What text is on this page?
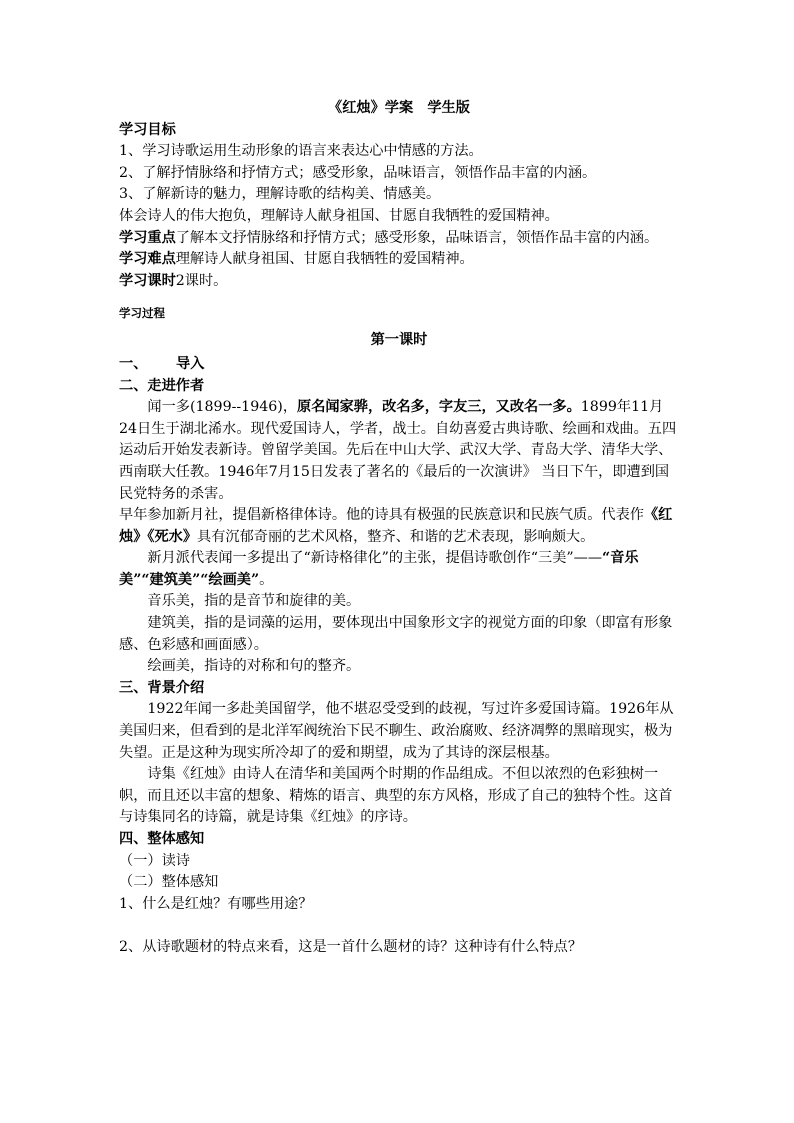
《红烛》学案　学生版

学习目标

1、学习诗歌运用生动形象的语言来表达心中情感的方法。

2、了解抒情脉络和抒情方式；感受形象，品味语言，领悟作品丰富的内涵。

3、了解新诗的魅力，理解诗歌的结构美、情感美。

体会诗人的伟大抱负，理解诗人献身祖国、甘愿自我牺牲的爱国精神。

学习重点了解本文抒情脉络和抒情方式；感受形象，品味语言，领悟作品丰富的内涵。

学习难点理解诗人献身祖国、甘愿自我牺牲的爱国精神。

学习课时2课时。

学习过程

第一课时

一、	导入

二、走进作者

闻一多(1899--1946)，原名闻家骅，改名多，字友三，又改名一多。1899年11月24日生于湖北浠水。现代爱国诗人，学者，战士。自幼喜爱古典诗歌、绘画和戏曲。五四运动后开始发表新诗。曾留学美国。先后在中山大学、武汉大学、青岛大学、清华大学、西南联大任教。1946年7月15日发表了著名的《最后的一次演讲》 当日下午，即遭到国民党特务的杀害。

早年参加新月社，提倡新格律体诗。他的诗具有极强的民族意识和民族气质。代表作《红烛》《死水》具有沉郁奇丽的艺术风格，整齐、和谐的艺术表现，影响颇大。

新月派代表闻一多提出了“新诗格律化”的主张，提倡诗歌创作“三美”——“音乐美”“建筑美”“绘画美”。

音乐美，指的是音节和旋律的美。

建筑美，指的是词藻的运用，要体现出中国象形文字的视觉方面的印象（即富有形象感、色彩感和画面感）。

绘画美，指诗的对称和句的整齐。

三、背景介绍

1922年闻一多赴美国留学，他不堪忍受受到的歧视，写过许多爱国诗篇。1926年从美国归来，但看到的是北洋军阀统治下民不聊生、政治腐败、经济凋弊的黑暗现实，极为失望。正是这种为现实所冷却了的爱和期望，成为了其诗的深层根基。

诗集《红烛》由诗人在清华和美国两个时期的作品组成。不但以浓烈的色彩独树一帜，而且还以丰富的想象、精炼的语言、典型的东方风格，形成了自己的独特个性。这首与诗集同名的诗篇，就是诗集《红烛》的序诗。

四、整体感知

（一）读诗

（二）整体感知

1、什么是红烛？有哪些用途？

2、从诗歌题材的特点来看，这是一首什么题材的诗？这种诗有什么特点？
